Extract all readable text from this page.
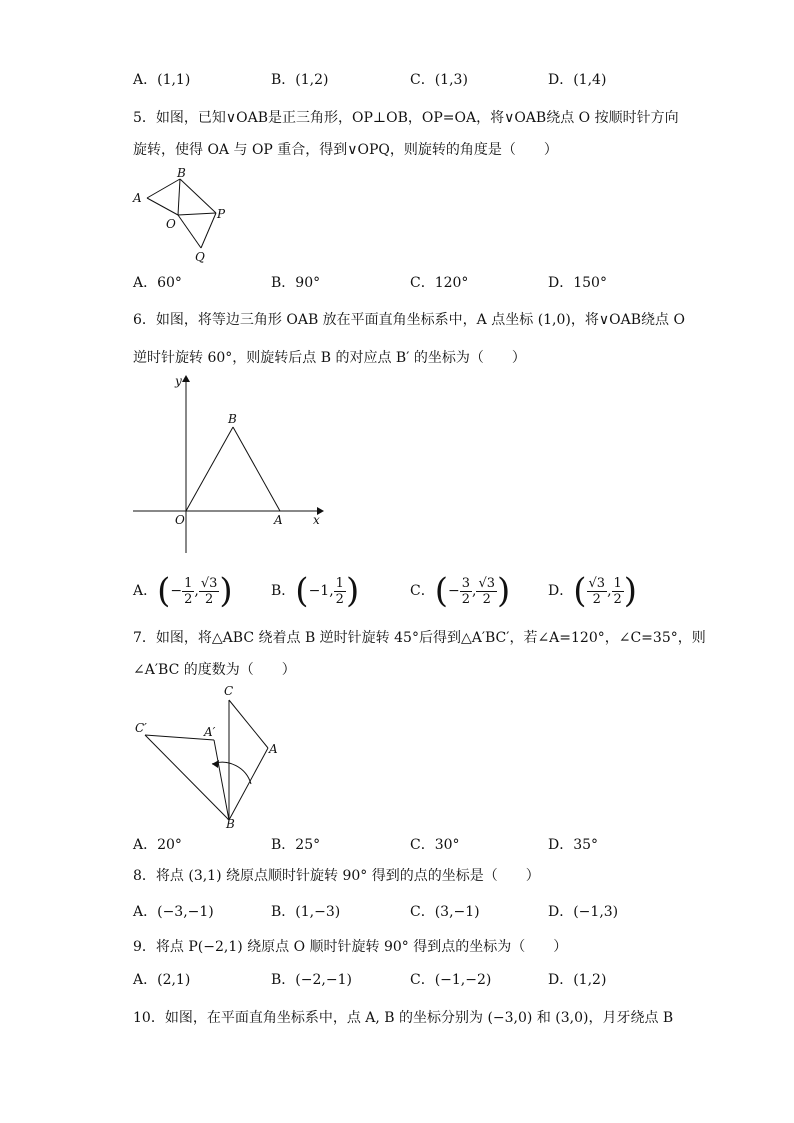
A．(1,1)	B．(1,2)	C．(1,3)	D．(1,4)
5．如图，已知∨OAB是正三角形，OP⊥OB，OP=OA，将∨OAB绕点 O 按顺时针方向
旋转，使得 OA 与 OP 重合，得到∨OPQ，则旋转的角度是（　　）
B
A
O
P
Q
A．60°	B．90°	C．120°	D．150°
6．如图，将等边三角形 OAB 放在平面直角坐标系中，A 点坐标 (1,0)，将∨OAB绕点 O
逆时针旋转 60°，则旋转后点 B 的对应点 B′ 的坐标为（　　）
y
B
O	A	x
A．(− $\frac{1}{2}$ , $\frac{√3}{2}$ )	B．(−1, $\frac{1}{2}$ )	C．(− $\frac{3}{2}$ , $\frac{√3}{2}$ )	D．( $\frac{√3}{2}$ , $\frac{1}{2}$ )
7．如图，将△ABC 绕着点 B 逆时针旋转 45°后得到△A′BC′，若∠A=120°，∠C=35°，则
∠A′BC 的度数为（　　）
C
C′	A′
A
B
A．20°	B．25°	C．30°	D．35°
8．将点 (3,1) 绕原点顺时针旋转 90° 得到的点的坐标是（　　）
A．(−3,−1)	B．(1,−3)	C．(3,−1)	D．(−1,3)
9．将点 P(−2,1) 绕原点 O 顺时针旋转 90° 得到点的坐标为（　　）
A．(2,1)	B．(−2,−1)	C．(−1,−2)	D．(1,2)
10．如图，在平面直角坐标系中，点 A, B 的坐标分别为 (−3,0) 和 (3,0)，月牙绕点 B
